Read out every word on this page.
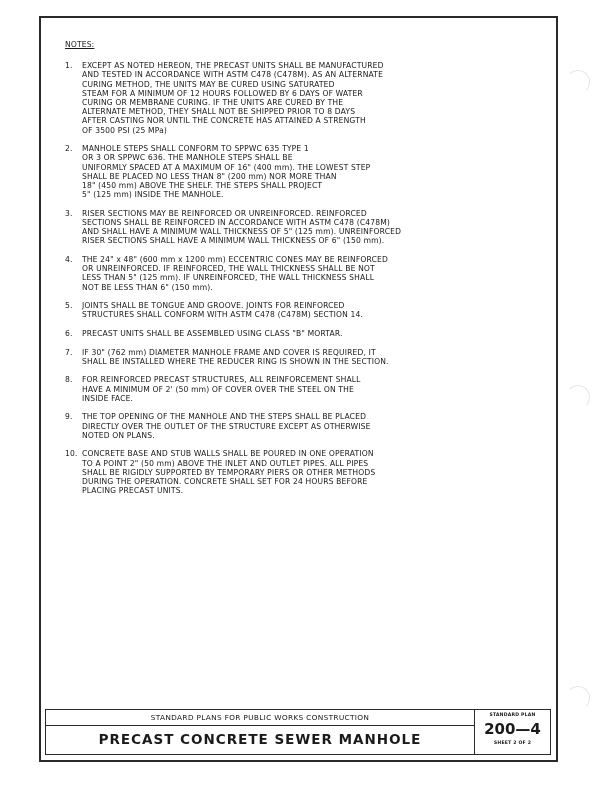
NOTES:
1.	EXCEPT AS NOTED HEREON, THE PRECAST UNITS SHALL BE MANUFACTURED
AND TESTED IN ACCORDANCE WITH ASTM C478 (C478M). AS AN ALTERNATE
CURING METHOD, THE UNITS MAY BE CURED USING SATURATED
STEAM FOR A MINIMUM OF 12 HOURS FOLLOWED BY 6 DAYS OF WATER
CURING OR MEMBRANE CURING. IF THE UNITS ARE CURED BY THE
ALTERNATE METHOD, THEY SHALL NOT BE SHIPPED PRIOR TO 8 DAYS
AFTER CASTING NOR UNTIL THE CONCRETE HAS ATTAINED A STRENGTH
OF 3500 PSI (25 MPa)
2.	MANHOLE STEPS SHALL CONFORM TO SPPWC 635 TYPE 1
OR 3 OR SPPWC 636. THE MANHOLE STEPS SHALL BE
UNIFORMLY SPACED AT A MAXIMUM OF 16" (400 mm). THE LOWEST STEP
SHALL BE PLACED NO LESS THAN 8" (200 mm) NOR MORE THAN
18" (450 mm) ABOVE THE SHELF. THE STEPS SHALL PROJECT
5" (125 mm) INSIDE THE MANHOLE.
3.	RISER SECTIONS MAY BE REINFORCED OR UNREINFORCED. REINFORCED
SECTIONS SHALL BE REINFORCED IN ACCORDANCE WITH ASTM C478 (C478M)
AND SHALL HAVE A MINIMUM WALL THICKNESS OF 5" (125 mm). UNREINFORCED
RISER SECTIONS SHALL HAVE A MINIMUM WALL THICKNESS OF 6" (150 mm).
4.	THE 24" x 48" (600 mm x 1200 mm) ECCENTRIC CONES MAY BE REINFORCED
OR UNREINFORCED. IF REINFORCED, THE WALL THICKNESS SHALL BE NOT
LESS THAN 5" (125 mm). IF UNREINFORCED, THE WALL THICKNESS SHALL
NOT BE LESS THAN 6" (150 mm).
5.	JOINTS SHALL BE TONGUE AND GROOVE. JOINTS FOR REINFORCED
STRUCTURES SHALL CONFORM WITH ASTM C478 (C478M) SECTION 14.
6.	PRECAST UNITS SHALL BE ASSEMBLED USING CLASS "B" MORTAR.
7.	IF 30" (762 mm) DIAMETER MANHOLE FRAME AND COVER IS REQUIRED, IT
SHALL BE INSTALLED WHERE THE REDUCER RING IS SHOWN IN THE SECTION.
8.	FOR REINFORCED PRECAST STRUCTURES, ALL REINFORCEMENT SHALL
HAVE A MINIMUM OF 2' (50 mm) OF COVER OVER THE STEEL ON THE
INSIDE FACE.
9.	THE TOP OPENING OF THE MANHOLE AND THE STEPS SHALL BE PLACED
DIRECTLY OVER THE OUTLET OF THE STRUCTURE EXCEPT AS OTHERWISE
NOTED ON PLANS.
10. CONCRETE BASE AND STUB WALLS SHALL BE POURED IN ONE OPERATION
TO A POINT 2" (50 mm) ABOVE THE INLET AND OUTLET PIPES. ALL PIPES
SHALL BE RIGIDLY SUPPORTED BY TEMPORARY PIERS OR OTHER METHODS
DURING THE OPERATION. CONCRETE SHALL SET FOR 24 HOURS BEFORE
PLACING PRECAST UNITS.
STANDARD PLANS FOR PUBLIC WORKS CONSTRUCTION
PRECAST CONCRETE SEWER MANHOLE
STANDARD PLAN
200—4
SHEET 2 OF 2
